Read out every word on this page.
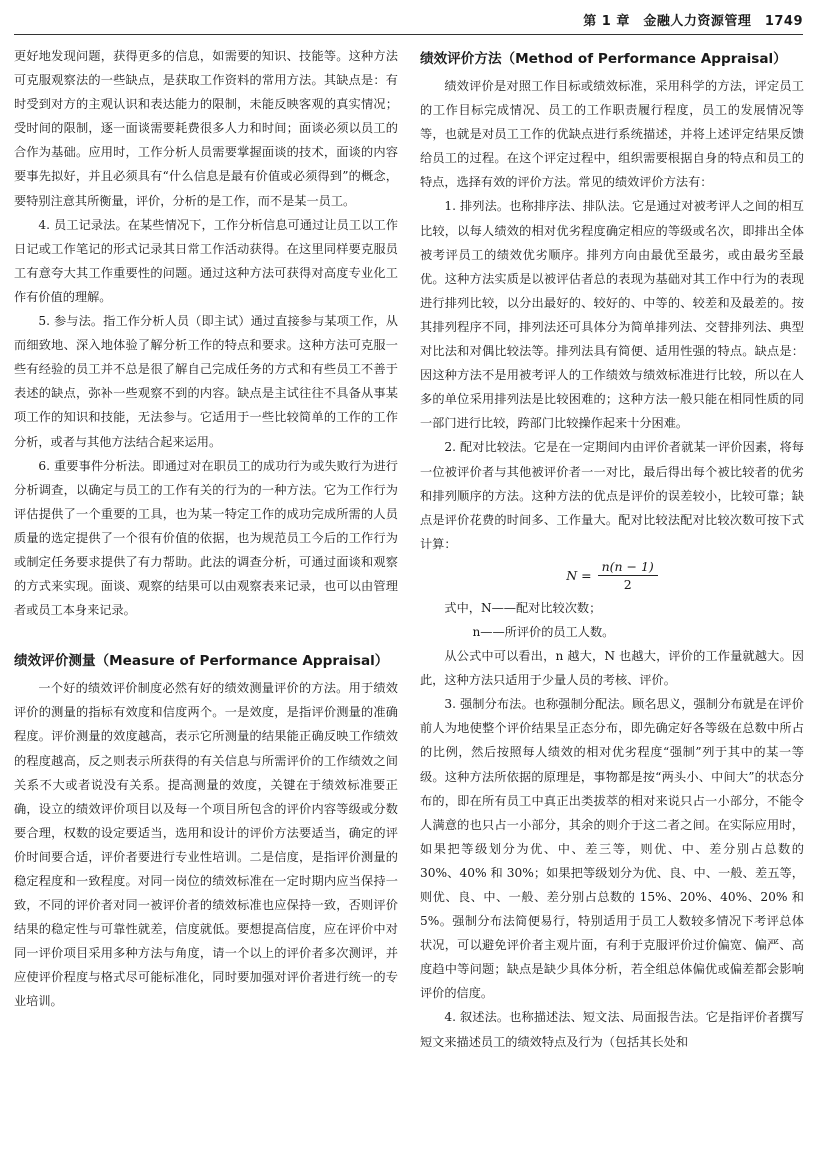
第 1 章　金融人力资源管理　1749

更好地发现问题，获得更多的信息，如需要的知识、技能等。这种方法可克服观察法的一些缺点，是获取工作资料的常用方法。其缺点是：有时受到对方的主观认识和表达能力的限制，未能反映客观的真实情况；受时间的限制，逐一面谈需要耗费很多人力和时间；面谈必须以员工的合作为基础。应用时，工作分析人员需要掌握面谈的技术，面谈的内容要事先拟好，并且必须具有“什么信息是最有价值或必须得到”的概念，要特别注意其所衡量，评价，分析的是工作，而不是某一员工。

4. 员工记录法。在某些情况下，工作分析信息可通过让员工以工作日记或工作笔记的形式记录其日常工作活动获得。在这里同样要克服员工有意夸大其工作重要性的问题。通过这种方法可获得对高度专业化工作有价值的理解。

5. 参与法。指工作分析人员（即主试）通过直接参与某项工作，从而细致地、深入地体验了解分析工作的特点和要求。这种方法可克服一些有经验的员工并不总是很了解自己完成任务的方式和有些员工不善于表述的缺点，弥补一些观察不到的内容。缺点是主试往往不具备从事某项工作的知识和技能，无法参与。它适用于一些比较简单的工作的工作分析，或者与其他方法结合起来运用。

6. 重要事件分析法。即通过对在职员工的成功行为或失败行为进行分析调查，以确定与员工的工作有关的行为的一种方法。它为工作行为评估提供了一个重要的工具，也为某一特定工作的成功完成所需的人员质量的选定提供了一个很有价值的依据，也为规范员工今后的工作行为或制定任务要求提供了有力帮助。此法的调查分析，可通过面谈和观察的方式来实现。面谈、观察的结果可以由观察表来记录，也可以由管理者或员工本身来记录。

绩效评价测量（Measure of Performance Appraisal）

一个好的绩效评价制度必然有好的绩效测量评价的方法。用于绩效评价的测量的指标有效度和信度两个。一是效度，是指评价测量的准确程度。评价测量的效度越高，表示它所测量的结果能正确反映工作绩效的程度越高，反之则表示所获得的有关信息与所需评价的工作绩效之间关系不大或者说没有关系。提高测量的效度，关键在于绩效标准要正确，设立的绩效评价项目以及每一个项目所包含的评价内容等级或分数要合理，权数的设定要适当，选用和设计的评价方法要适当，确定的评价时间要合适，评价者要进行专业性培训。二是信度，是指评价测量的稳定程度和一致程度。对同一岗位的绩效标准在一定时期内应当保持一致，不同的评价者对同一被评价者的绩效标准也应保持一致，否则评价结果的稳定性与可靠性就差，信度就低。要想提高信度，应在评价中对同一评价项目采用多种方法与角度，请一个以上的评价者多次测评，并应使评价程度与格式尽可能标准化，同时要加强对评价者进行统一的专业培训。

绩效评价方法（Method of Performance Appraisal）

绩效评价是对照工作目标或绩效标准，采用科学的方法，评定员工的工作目标完成情况、员工的工作职责履行程度，员工的发展情况等等，也就是对员工工作的优缺点进行系统描述，并将上述评定结果反馈给员工的过程。在这个评定过程中，组织需要根据自身的特点和员工的特点，选择有效的评价方法。常见的绩效评价方法有：

1. 排列法。也称排序法、排队法。它是通过对被考评人之间的相互比较，以每人绩效的相对优劣程度确定相应的等级或名次，即排出全体被考评员工的绩效优劣顺序。排列方向由最优至最劣，或由最劣至最优。这种方法实质是以被评估者总的表现为基础对其工作中行为的表现进行排列比较，以分出最好的、较好的、中等的、较差和及最差的。按其排列程序不同，排列法还可具体分为简单排列法、交替排列法、典型对比法和对偶比较法等。排列法具有简便、适用性强的特点。缺点是：因这种方法不是用被考评人的工作绩效与绩效标准进行比较，所以在人多的单位采用排列法是比较困难的；这种方法一般只能在相同性质的同一部门进行比较，跨部门比较操作起来十分困难。

2. 配对比较法。它是在一定期间内由评价者就某一评价因素，将每一位被评价者与其他被评价者一一对比，最后得出每个被比较者的优劣和排列顺序的方法。这种方法的优点是评价的误差较小，比较可靠；缺点是评价花费的时间多、工作量大。配对比较法配对比较次数可按下式计算：

$N = \frac{n(n - 1)}{2}$

式中，N——配对比较次数；

n——所评价的员工人数。

从公式中可以看出，n 越大，N 也越大，评价的工作量就越大。因此，这种方法只适用于少量人员的考核、评价。

3. 强制分布法。也称强制分配法。顾名思义，强制分布就是在评价前人为地使整个评价结果呈正态分布，即先确定好各等级在总数中所占的比例，然后按照每人绩效的相对优劣程度“强制”列于其中的某一等级。这种方法所依据的原理是，事物都是按“两头小、中间大”的状态分布的，即在所有员工中真正出类拔萃的相对来说只占一小部分，不能令人满意的也只占一小部分，其余的则介于这二者之间。在实际应用时，如果把等级划分为优、中、差三等，则优、中、差分别占总数的 30%、40% 和 30%；如果把等级划分为优、良、中、一般、差五等，则优、良、中、一般、差分别占总数的 15%、20%、40%、20% 和 5%。强制分布法简便易行，特别适用于员工人数较多情况下考评总体状况，可以避免评价者主观片面，有利于克服评价过价偏宽、偏严、高度趋中等问题；缺点是缺少具体分析，若全组总体偏优或偏差都会影响评价的信度。

4. 叙述法。也称描述法、短文法、局面报告法。它是指评价者撰写短文来描述员工的绩效特点及行为（包括其长处和
